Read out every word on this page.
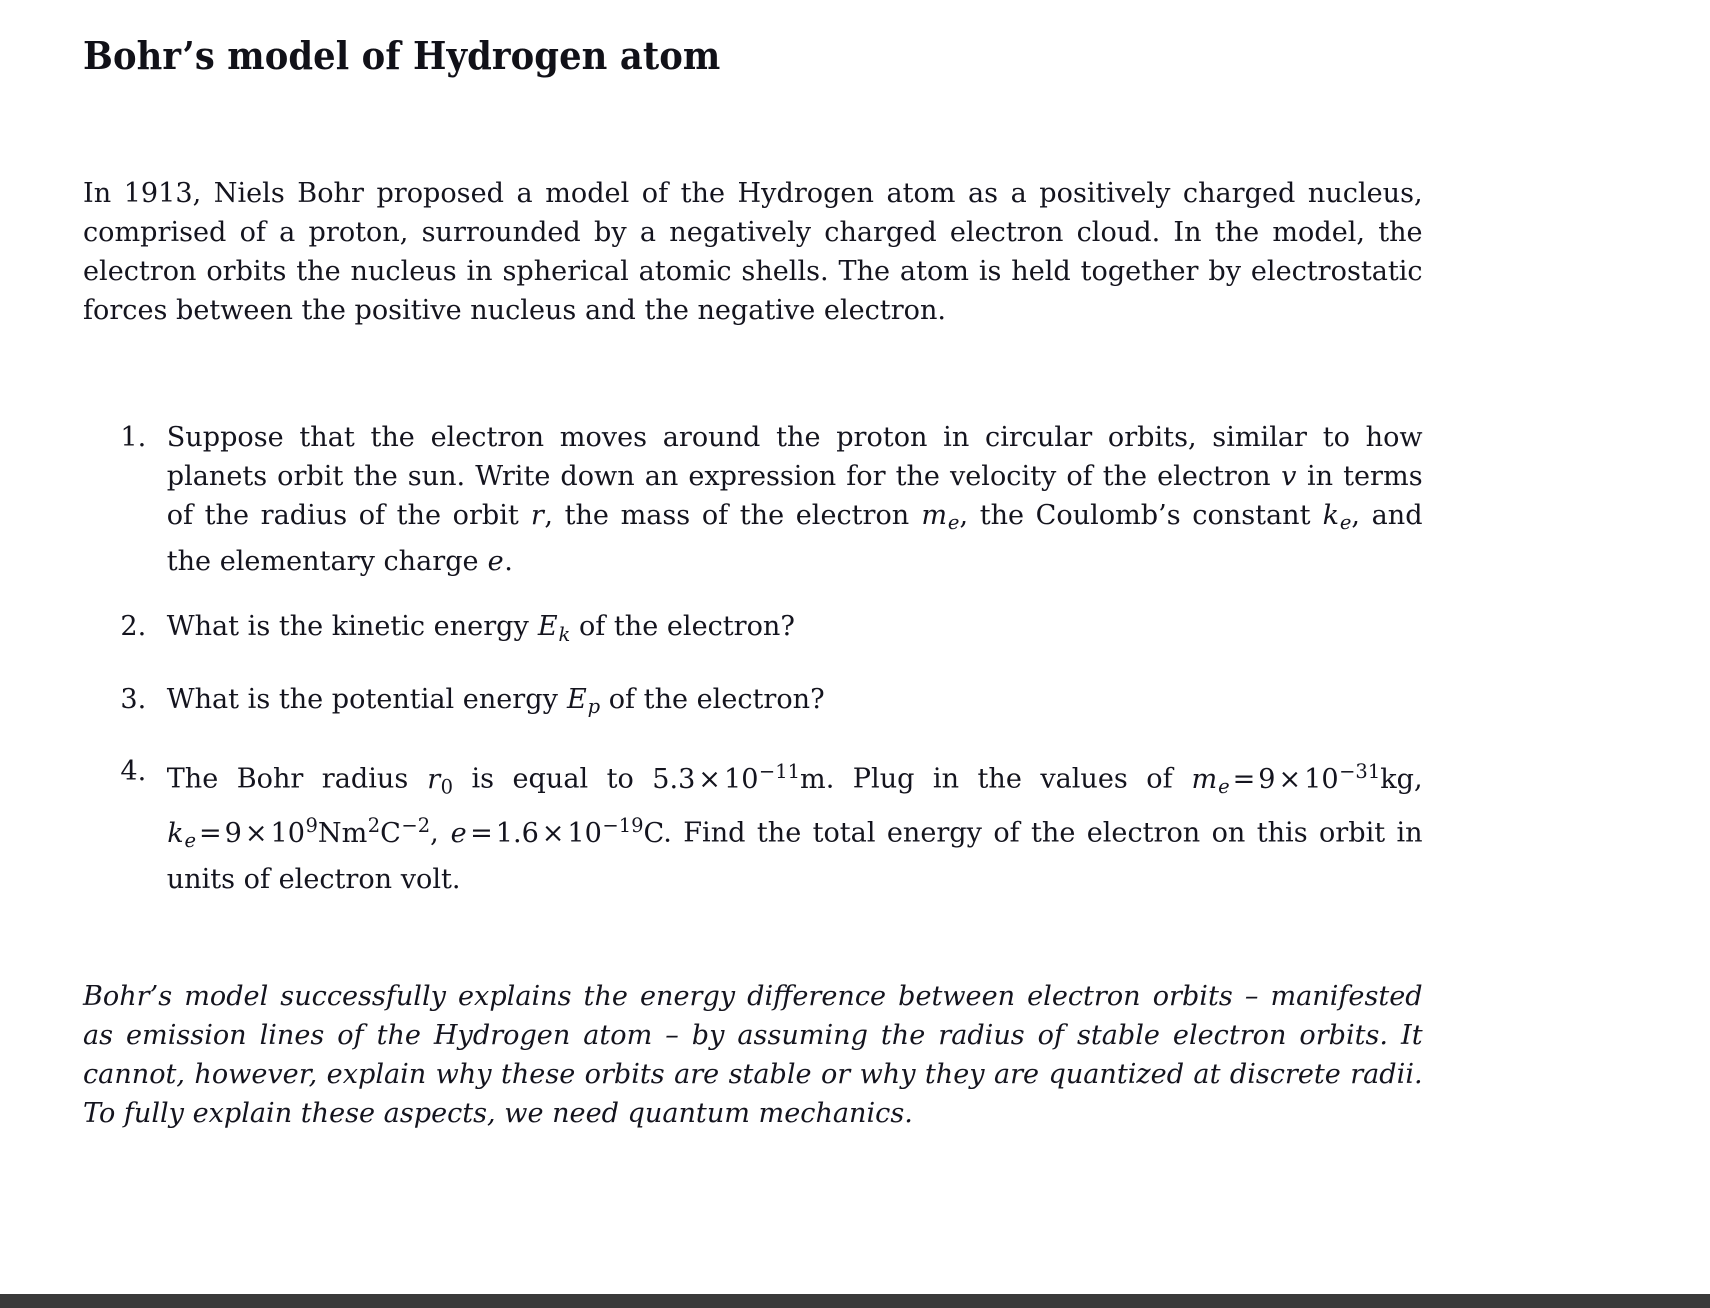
Bohr’s model of Hydrogen atom

In 1913, Niels Bohr proposed a model of the Hydrogen atom as a positively charged nucleus, comprised of a proton, surrounded by a negatively charged electron cloud. In the model, the electron orbits the nucleus in spherical atomic shells. The atom is held together by electrostatic forces between the positive nucleus and the negative electron.

1. Suppose that the electron moves around the proton in circular orbits, similar to how planets orbit the sun. Write down an expression for the velocity of the electron v in terms of the radius of the orbit r, the mass of the electron $m_e$, the Coulomb’s constant $k_e$, and the elementary charge e.
2. What is the kinetic energy $E_k$ of the electron?
3. What is the potential energy $E_p$ of the electron?
4. The Bohr radius $r_0$ is equal to $5.3 \times 10^{-11}m$. Plug in the values of $m_e = 9 \times 10^{-31}kg$, $k_e = 9 \times 10^9Nm^2C^{-2}$, $e = 1.6 \times 10^{-19}C$. Find the total energy of the electron on this orbit in units of electron volt.

Bohr’s model successfully explains the energy difference between electron orbits – manifested as emission lines of the Hydrogen atom – by assuming the radius of stable electron orbits. It cannot, however, explain why these orbits are stable or why they are quantized at discrete radii. To fully explain these aspects, we need quantum mechanics.
